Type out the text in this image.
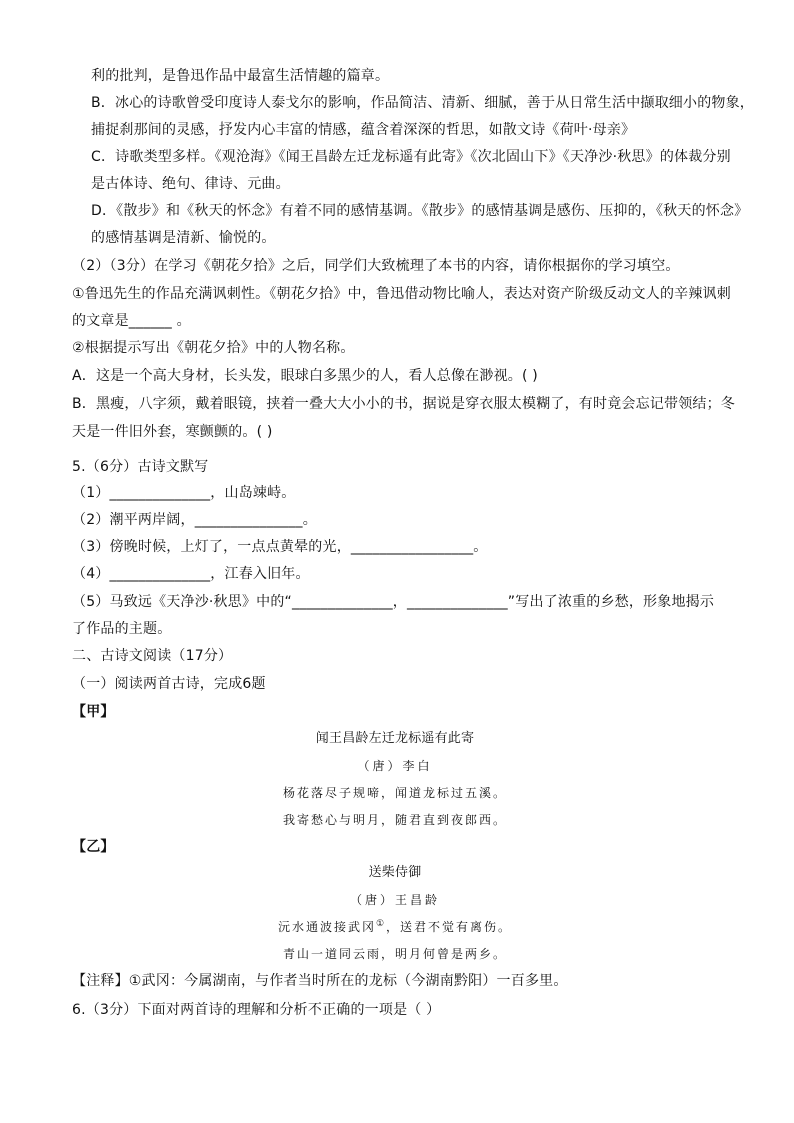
利的批判，是鲁迅作品中最富生活情趣的篇章。
B．冰心的诗歌曾受印度诗人泰戈尔的影响，作品简洁、清新、细腻，善于从日常生活中撷取细小的物象，
捕捉刹那间的灵感，抒发内心丰富的情感，蕴含着深深的哲思，如散文诗《荷叶·母亲》
C．诗歌类型多样。《观沧海》《闻王昌龄左迁龙标遥有此寄》《次北固山下》《天净沙·秋思》的体裁分别
是古体诗、绝句、律诗、元曲。
D．《散步》和《秋天的怀念》有着不同的感情基调。《散步》的感情基调是感伤、压抑的，《秋天的怀念》
的感情基调是清新、愉悦的。
（2）（3分）在学习《朝花夕拾》之后，同学们大致梳理了本书的内容，请你根据你的学习填空。
①鲁迅先生的作品充满讽刺性。《朝花夕拾》中，鲁迅借动物比喻人，表达对资产阶级反动文人的辛辣讽刺
的文章是______ 。
②根据提示写出《朝花夕拾》中的人物名称。
A．这是一个高大身材，长头发，眼球白多黑少的人，看人总像在渺视。( )
B．黑瘦，八字须，戴着眼镜，挟着一叠大大小小的书，据说是穿衣服太模糊了，有时竟会忘记带领结；冬
天是一件旧外套，寒颤颤的。( )
5.（6分）古诗文默写
（1）______________，山岛竦峙。
（2）潮平两岸阔，_______________。
（3）傍晚时候，上灯了，一点点黄晕的光，_________________。
（4）______________，江春入旧年。
（5）马致远《天净沙·秋思》中的“______________，______________”写出了浓重的乡愁，形象地揭示
了作品的主题。
二、古诗文阅读（17分）
（一）阅读两首古诗，完成6题
【甲】
闻王昌龄左迁龙标遥有此寄
（唐）李白
杨花落尽子规啼，闻道龙标过五溪。
我寄愁心与明月，随君直到夜郎西。
【乙】
送柴侍御
（唐）王昌龄
沅水通波接武冈①，送君不觉有离伤。
青山一道同云雨，明月何曾是两乡。
【注释】①武冈：今属湖南，与作者当时所在的龙标（今湖南黔阳）一百多里。
6.（3分）下面对两首诗的理解和分析不正确的一项是（ ）
